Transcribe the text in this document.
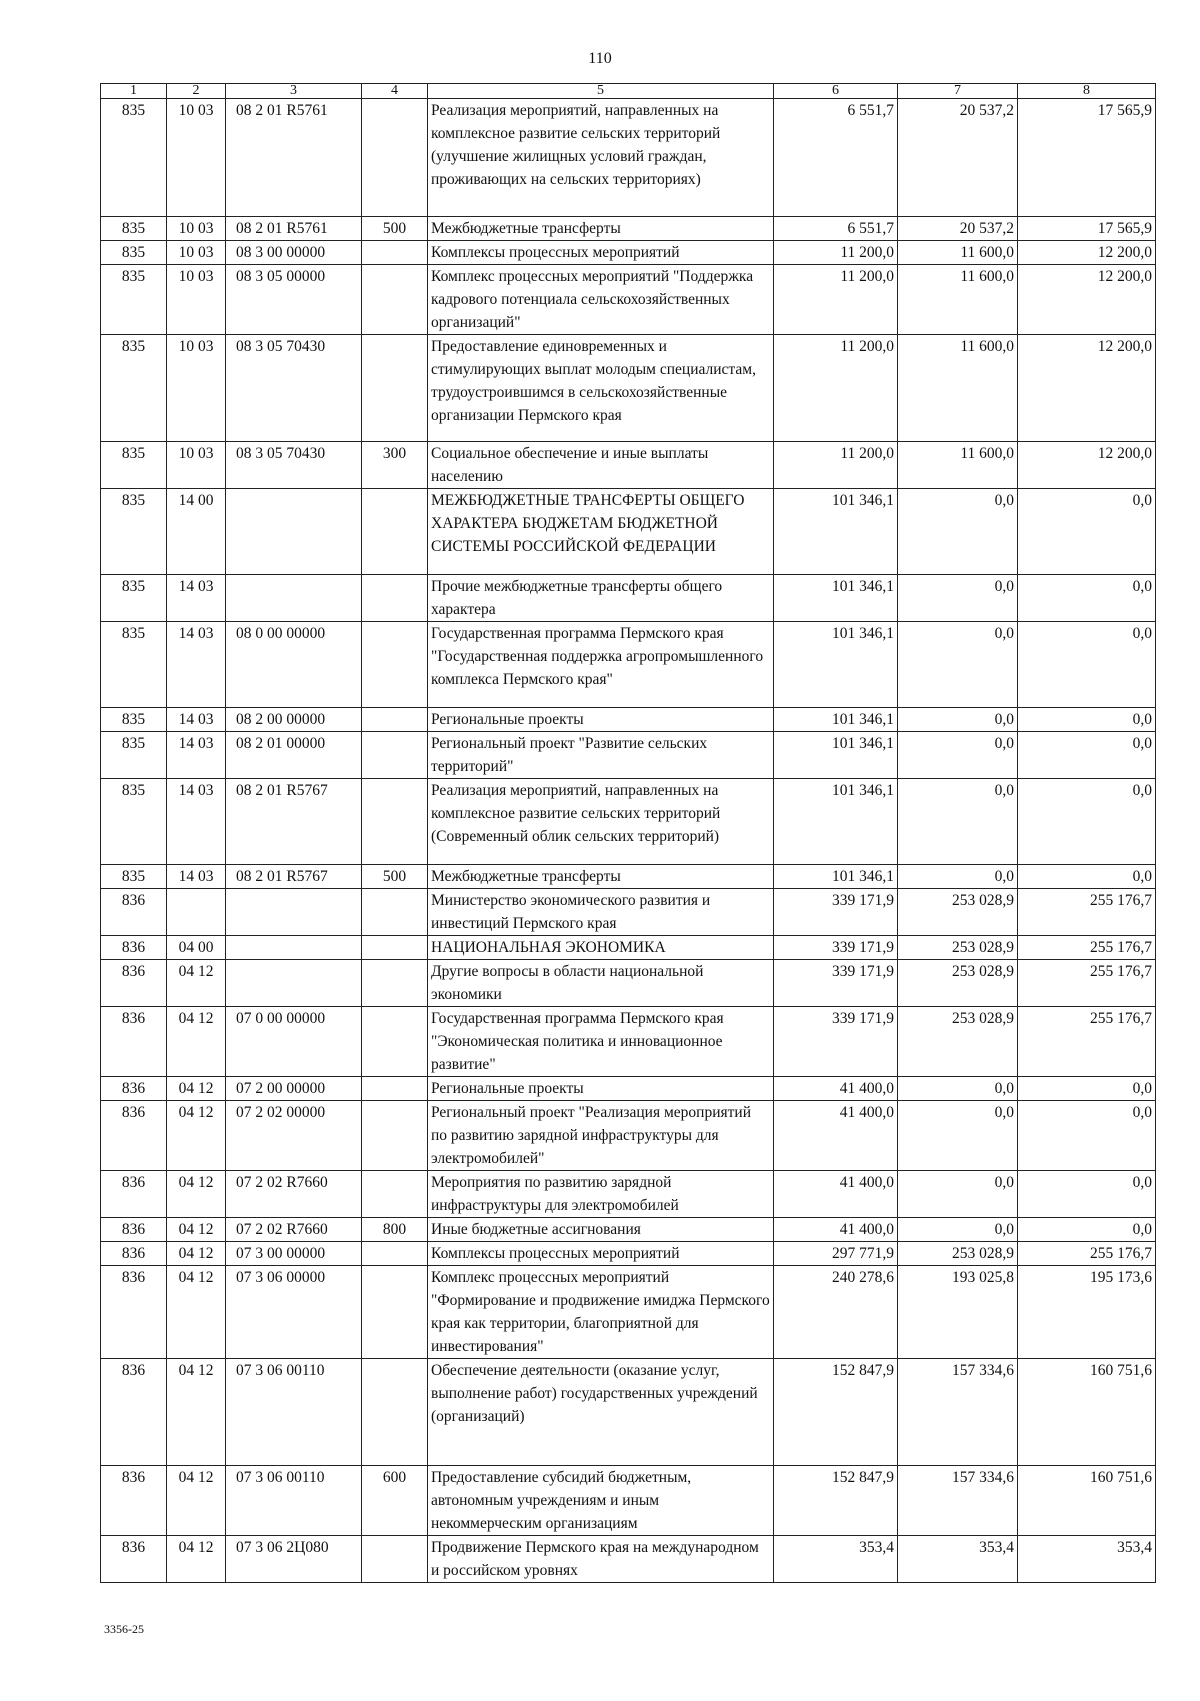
110
1	2	3	4	5	6	7	8
835	10 03	08 2 01 R5761		Реализация мероприятий, направленных на комплексное развитие сельских территорий (улучшение жилищных условий граждан, проживающих на сельских территориях)	6 551,7	20 537,2	17 565,9
835	10 03	08 2 01 R5761	500	Межбюджетные трансферты	6 551,7	20 537,2	17 565,9
835	10 03	08 3 00 00000		Комплексы процессных мероприятий	11 200,0	11 600,0	12 200,0
835	10 03	08 3 05 00000		Комплекс процессных мероприятий "Поддержка кадрового потенциала сельскохозяйственных организаций"	11 200,0	11 600,0	12 200,0
835	10 03	08 3 05 70430		Предоставление единовременных и стимулирующих выплат молодым специалистам, трудоустроившимся в сельскохозяйственные организации Пермского края	11 200,0	11 600,0	12 200,0
835	10 03	08 3 05 70430	300	Социальное обеспечение и иные выплаты населению	11 200,0	11 600,0	12 200,0
835	14 00			МЕЖБЮДЖЕТНЫЕ ТРАНСФЕРТЫ ОБЩЕГО ХАРАКТЕРА БЮДЖЕТАМ БЮДЖЕТНОЙ СИСТЕМЫ РОССИЙСКОЙ ФЕДЕРАЦИИ	101 346,1	0,0	0,0
835	14 03			Прочие межбюджетные трансферты общего характера	101 346,1	0,0	0,0
835	14 03	08 0 00 00000		Государственная программа Пермского края "Государственная поддержка агропромышленного комплекса Пермского края"	101 346,1	0,0	0,0
835	14 03	08 2 00 00000		Региональные проекты	101 346,1	0,0	0,0
835	14 03	08 2 01 00000		Региональный проект "Развитие сельских территорий"	101 346,1	0,0	0,0
835	14 03	08 2 01 R5767		Реализация мероприятий, направленных на комплексное развитие сельских территорий (Современный облик сельских территорий)	101 346,1	0,0	0,0
835	14 03	08 2 01 R5767	500	Межбюджетные трансферты	101 346,1	0,0	0,0
836				Министерство экономического развития и инвестиций Пермского края	339 171,9	253 028,9	255 176,7
836	04 00			НАЦИОНАЛЬНАЯ ЭКОНОМИКА	339 171,9	253 028,9	255 176,7
836	04 12			Другие вопросы в области национальной экономики	339 171,9	253 028,9	255 176,7
836	04 12	07 0 00 00000		Государственная программа Пермского края "Экономическая политика и инновационное развитие"	339 171,9	253 028,9	255 176,7
836	04 12	07 2 00 00000		Региональные проекты	41 400,0	0,0	0,0
836	04 12	07 2 02 00000		Региональный проект "Реализация мероприятий по развитию зарядной инфраструктуры для электромобилей"	41 400,0	0,0	0,0
836	04 12	07 2 02 R7660		Мероприятия по развитию зарядной инфраструктуры для электромобилей	41 400,0	0,0	0,0
836	04 12	07 2 02 R7660	800	Иные бюджетные ассигнования	41 400,0	0,0	0,0
836	04 12	07 3 00 00000		Комплексы процессных мероприятий	297 771,9	253 028,9	255 176,7
836	04 12	07 3 06 00000		Комплекс процессных мероприятий "Формирование и продвижение имиджа Пермского края как территории, благоприятной для инвестирования"	240 278,6	193 025,8	195 173,6
836	04 12	07 3 06 00110		Обеспечение деятельности (оказание услуг, выполнение работ) государственных учреждений (организаций)	152 847,9	157 334,6	160 751,6
836	04 12	07 3 06 00110	600	Предоставление субсидий бюджетным, автономным учреждениям и иным некоммерческим организациям	152 847,9	157 334,6	160 751,6
836	04 12	07 3 06 2Ц080		Продвижение Пермского края на международном и российском уровнях	353,4	353,4	353,4
3356-25
